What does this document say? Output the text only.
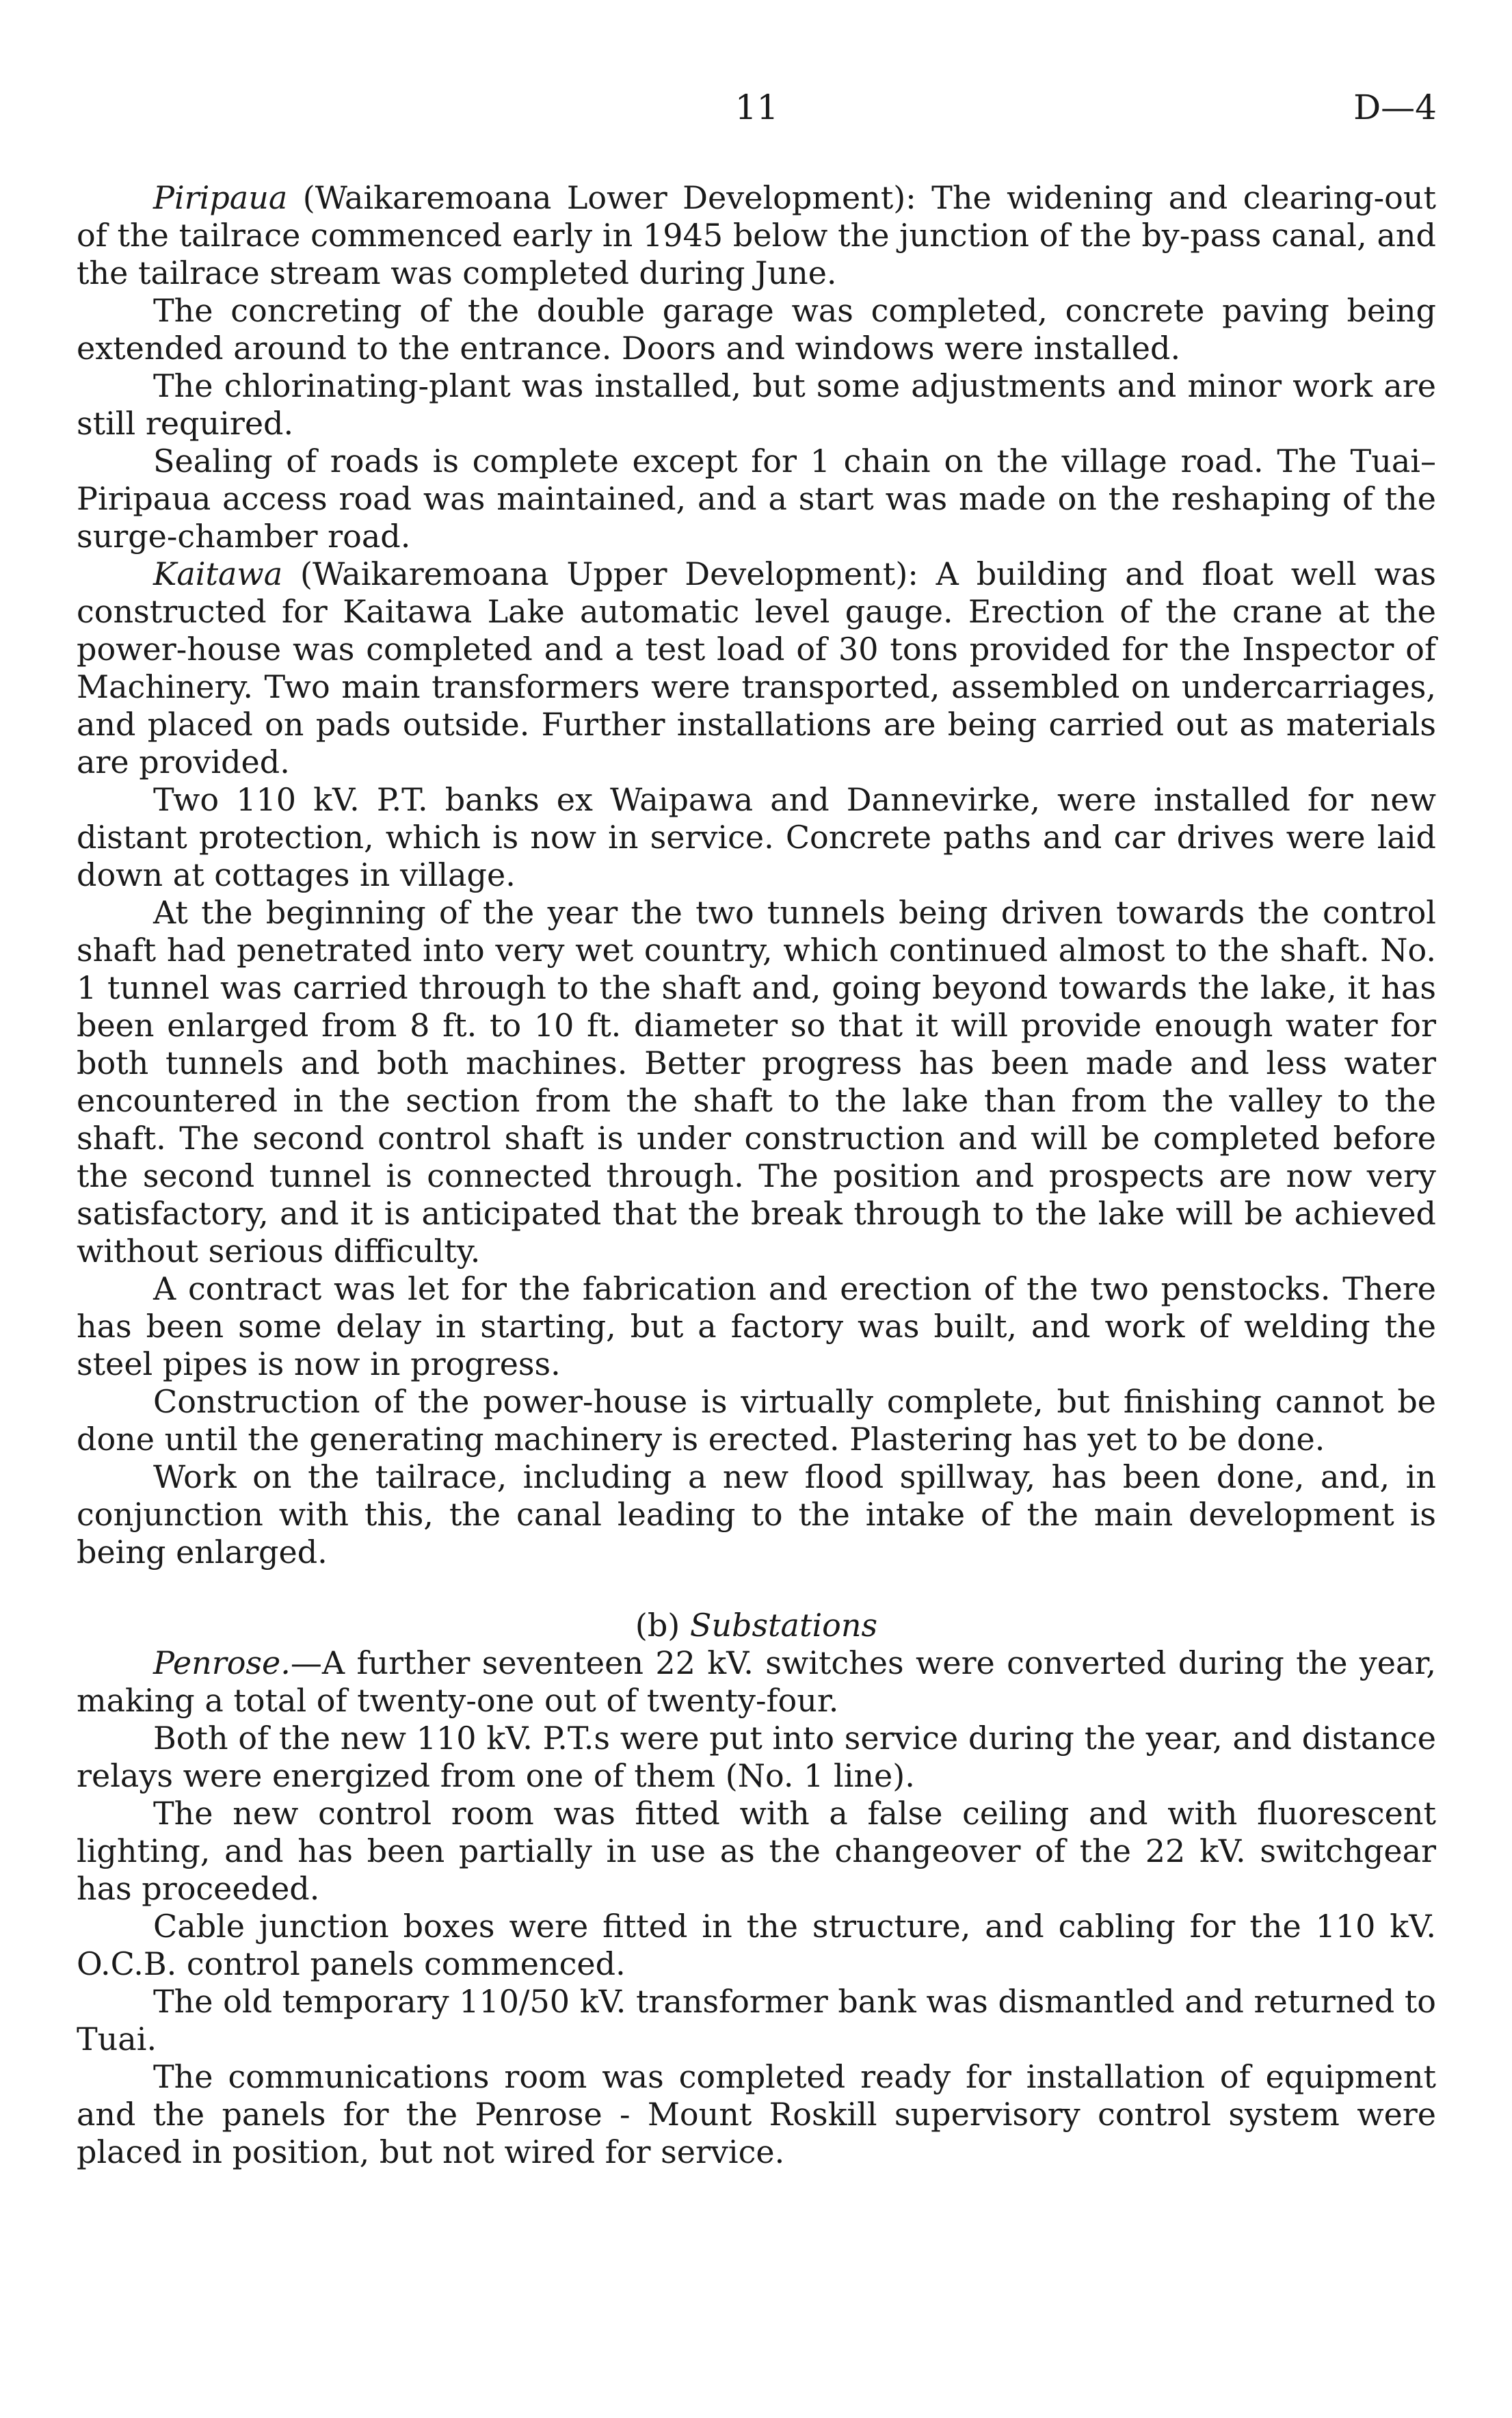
11	D—4

Piripaua (Waikaremoana Lower Development): The widening and clearing-out of the tailrace commenced early in 1945 below the junction of the by-pass canal, and the tailrace stream was completed during June.

The concreting of the double garage was completed, concrete paving being extended around to the entrance. Doors and windows were installed.

The chlorinating-plant was installed, but some adjustments and minor work are still required.

Sealing of roads is complete except for 1 chain on the village road. The Tuai–Piripaua access road was maintained, and a start was made on the reshaping of the surge-chamber road.

Kaitawa (Waikaremoana Upper Development): A building and float well was constructed for Kaitawa Lake automatic level gauge. Erection of the crane at the power-house was completed and a test load of 30 tons provided for the Inspector of Machinery. Two main transformers were transported, assembled on undercarriages, and placed on pads outside. Further installations are being carried out as materials are provided.

Two 110 kV. P.T. banks ex Waipawa and Dannevirke, were installed for new distant protection, which is now in service. Concrete paths and car drives were laid down at cottages in village.

At the beginning of the year the two tunnels being driven towards the control shaft had penetrated into very wet country, which continued almost to the shaft. No. 1 tunnel was carried through to the shaft and, going beyond towards the lake, it has been enlarged from 8 ft. to 10 ft. diameter so that it will provide enough water for both tunnels and both machines. Better progress has been made and less water encountered in the section from the shaft to the lake than from the valley to the shaft. The second control shaft is under construction and will be completed before the second tunnel is connected through. The position and prospects are now very satisfactory, and it is anticipated that the break through to the lake will be achieved without serious difficulty.

A contract was let for the fabrication and erection of the two penstocks. There has been some delay in starting, but a factory was built, and work of welding the steel pipes is now in progress.

Construction of the power-house is virtually complete, but finishing cannot be done until the generating machinery is erected. Plastering has yet to be done.

Work on the tailrace, including a new flood spillway, has been done, and, in conjunction with this, the canal leading to the intake of the main development is being enlarged.

(b) Substations

Penrose.—A further seventeen 22 kV. switches were converted during the year, making a total of twenty-one out of twenty-four.

Both of the new 110 kV. P.T.s were put into service during the year, and distance relays were energized from one of them (No. 1 line).

The new control room was fitted with a false ceiling and with fluorescent lighting, and has been partially in use as the changeover of the 22 kV. switchgear has proceeded.

Cable junction boxes were fitted in the structure, and cabling for the 110 kV. O.C.B. control panels commenced.

The old temporary 110/50 kV. transformer bank was dismantled and returned to Tuai.

The communications room was completed ready for installation of equipment and the panels for the Penrose - Mount Roskill supervisory control system were placed in position, but not wired for service.
